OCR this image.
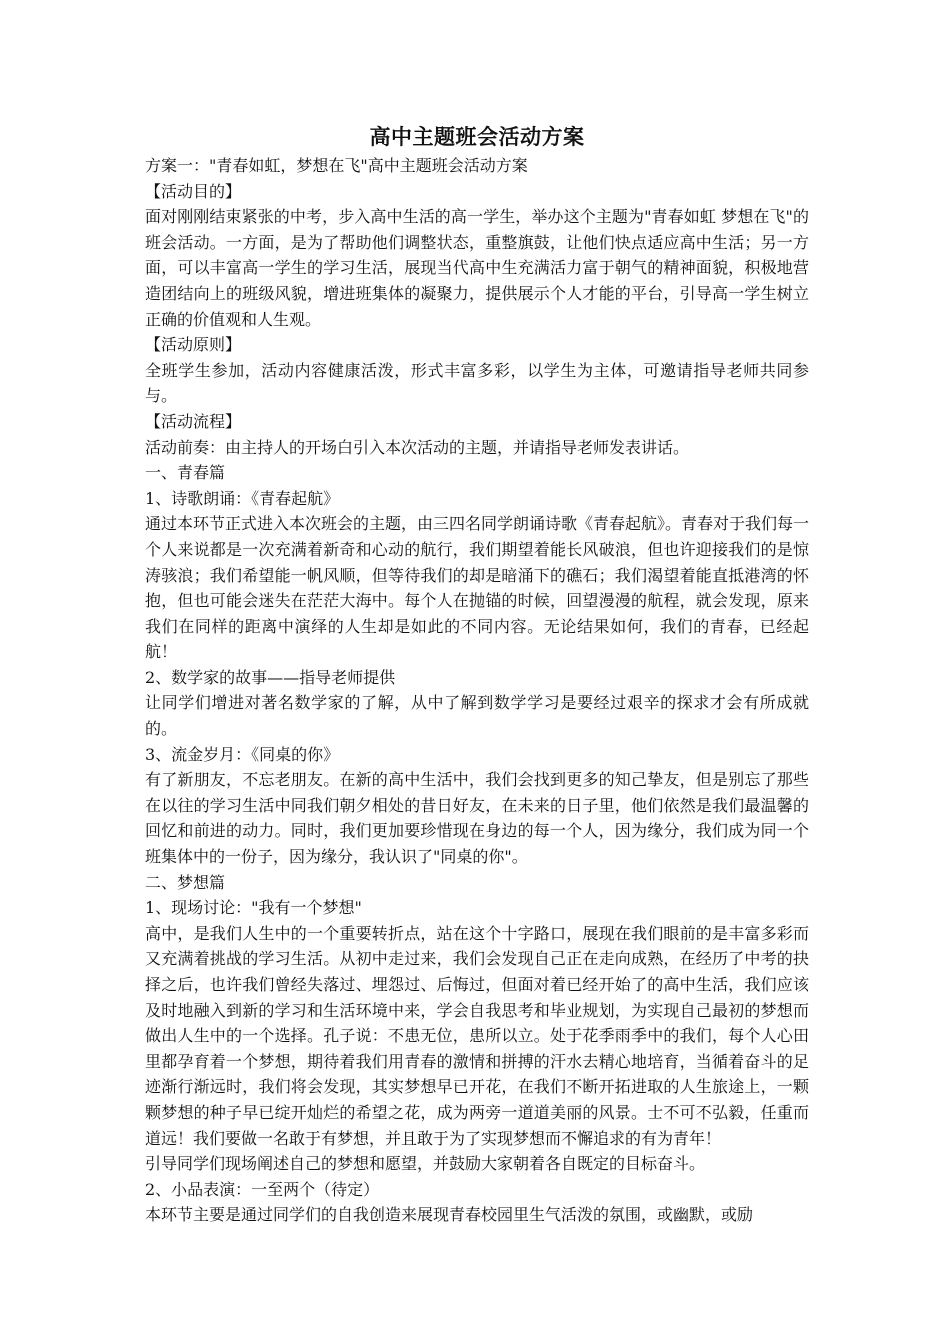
高中主题班会活动方案

方案一："青春如虹，梦想在飞"高中主题班会活动方案

【活动目的】

面对刚刚结束紧张的中考，步入高中生活的高一学生，举办这个主题为"青春如虹 梦想在飞"的班会活动。一方面，是为了帮助他们调整状态，重整旗鼓，让他们快点适应高中生活；另一方面，可以丰富高一学生的学习生活，展现当代高中生充满活力富于朝气的精神面貌，积极地营造团结向上的班级风貌，增进班集体的凝聚力，提供展示个人才能的平台，引导高一学生树立正确的价值观和人生观。

【活动原则】

全班学生参加，活动内容健康活泼，形式丰富多彩，以学生为主体，可邀请指导老师共同参与。

【活动流程】

活动前奏：由主持人的开场白引入本次活动的主题，并请指导老师发表讲话。

一、青春篇

1、诗歌朗诵：《青春起航》

通过本环节正式进入本次班会的主题，由三四名同学朗诵诗歌《青春起航》。青春对于我们每一个人来说都是一次充满着新奇和心动的航行，我们期望着能长风破浪，但也许迎接我们的是惊涛骇浪；我们希望能一帆风顺，但等待我们的却是暗涌下的礁石；我们渴望着能直抵港湾的怀抱，但也可能会迷失在茫茫大海中。每个人在抛锚的时候，回望漫漫的航程，就会发现，原来我们在同样的距离中演绎的人生却是如此的不同内容。无论结果如何，我们的青春，已经起航！

2、数学家的故事——指导老师提供

让同学们增进对著名数学家的了解，从中了解到数学学习是要经过艰辛的探求才会有所成就的。

3、流金岁月：《同桌的你》

有了新朋友，不忘老朋友。在新的高中生活中，我们会找到更多的知己挚友，但是别忘了那些在以往的学习生活中同我们朝夕相处的昔日好友，在未来的日子里，他们依然是我们最温馨的回忆和前进的动力。同时，我们更加要珍惜现在身边的每一个人，因为缘分，我们成为同一个班集体中的一份子，因为缘分，我认识了"同桌的你"。

二、梦想篇

1、现场讨论："我有一个梦想"

高中，是我们人生中的一个重要转折点，站在这个十字路口，展现在我们眼前的是丰富多彩而又充满着挑战的学习生活。从初中走过来，我们会发现自己正在走向成熟，在经历了中考的抉择之后，也许我们曾经失落过、埋怨过、后悔过，但面对着已经开始了的高中生活，我们应该及时地融入到新的学习和生活环境中来，学会自我思考和毕业规划，为实现自己最初的梦想而做出人生中的一个选择。孔子说：不患无位，患所以立。处于花季雨季中的我们，每个人心田里都孕育着一个梦想，期待着我们用青春的激情和拼搏的汗水去精心地培育，当循着奋斗的足迹渐行渐远时，我们将会发现，其实梦想早已开花，在我们不断开拓进取的人生旅途上，一颗颗梦想的种子早已绽开灿烂的希望之花，成为两旁一道道美丽的风景。士不可不弘毅，任重而道远！我们要做一名敢于有梦想，并且敢于为了实现梦想而不懈追求的有为青年！

引导同学们现场阐述自己的梦想和愿望，并鼓励大家朝着各自既定的目标奋斗。

2、小品表演：一至两个（待定）

本环节主要是通过同学们的自我创造来展现青春校园里生气活泼的氛围，或幽默，或励
